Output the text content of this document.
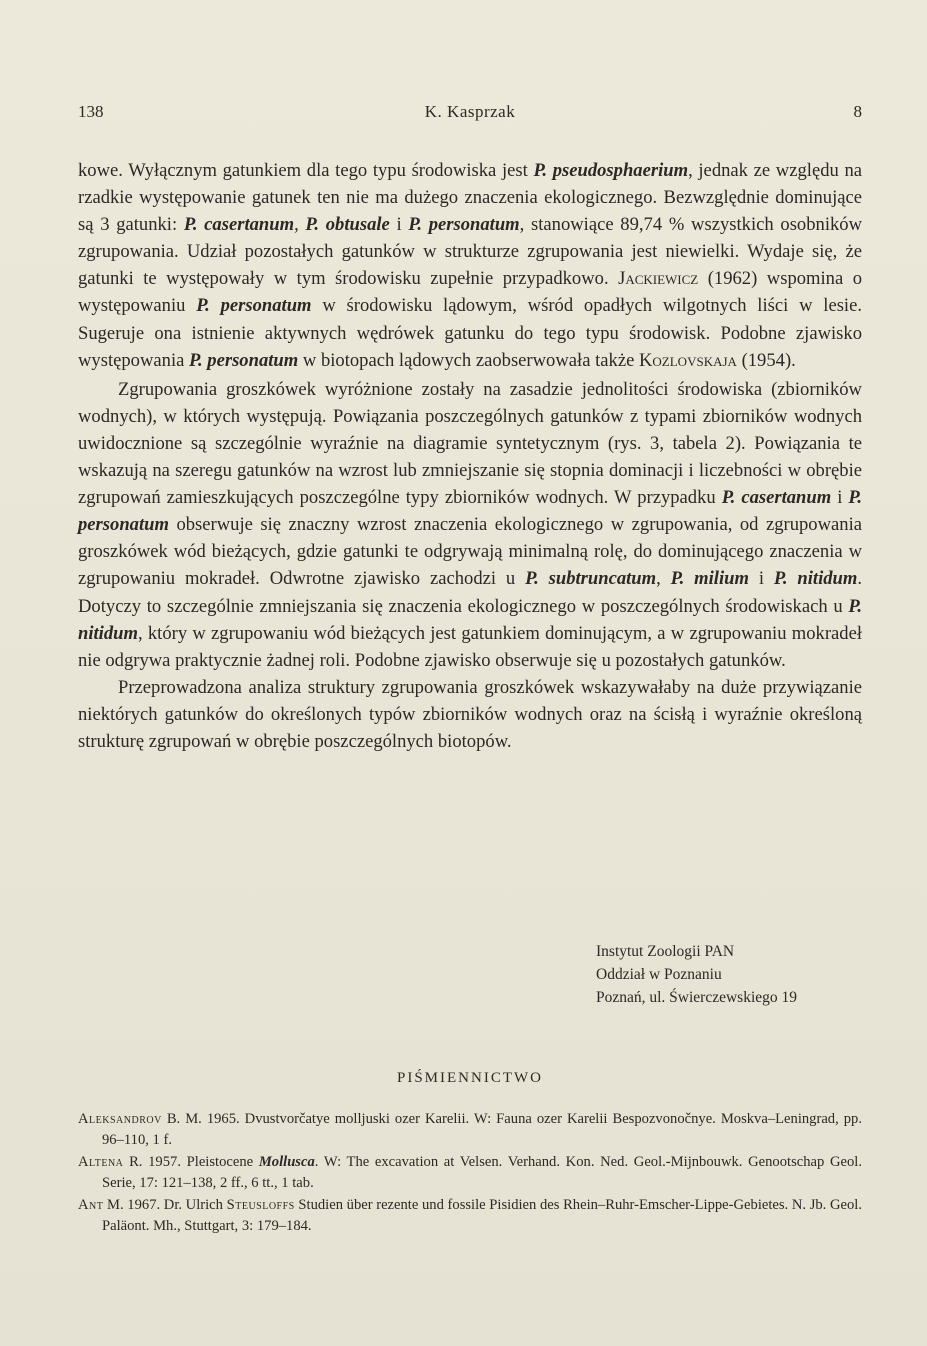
138	K. Kasprzak	8

kowe. Wyłącznym gatunkiem dla tego typu środowiska jest P. pseudosphaerium, jednak ze względu na rzadkie występowanie gatunek ten nie ma dużego znaczenia ekologicznego. Bezwzględnie dominujące są 3 gatunki: P. casertanum, P. obtusale i P. personatum, stanowiące 89,74 % wszystkich osobników zgrupowania. Udział pozostałych gatunków w strukturze zgrupowania jest niewielki. Wydaje się, że gatunki te występowały w tym środowisku zupełnie przypadkowo. Jackiewicz (1962) wspomina o występowaniu P. personatum w środowisku lądowym, wśród opadłych wilgotnych liści w lesie. Sugeruje ona istnienie aktywnych wędrówek gatunku do tego typu środowisk. Podobne zjawisko występowania P. personatum w biotopach lądowych zaobserwowała także Kozlovskaja (1954).

Zgrupowania groszkówek wyróżnione zostały na zasadzie jednolitości środowiska (zbiorników wodnych), w których występują. Powiązania poszczególnych gatunków z typami zbiorników wodnych uwidocznione są szczególnie wyraźnie na diagramie syntetycznym (rys. 3, tabela 2). Powiązania te wskazują na szeregu gatunków na wzrost lub zmniejszanie się stopnia dominacji i liczebności w obrębie zgrupowań zamieszkujących poszczególne typy zbiorników wodnych. W przypadku P. casertanum i P. personatum obserwuje się znaczny wzrost znaczenia ekologicznego w zgrupowania, od zgrupowania groszkówek wód bieżących, gdzie gatunki te odgrywają minimalną rolę, do dominującego znaczenia w zgrupowaniu mokradeł. Odwrotne zjawisko zachodzi u P. subtruncatum, P. milium i P. nitidum. Dotyczy to szczególnie zmniejszania się znaczenia ekologicznego w poszczególnych środowiskach u P. nitidum, który w zgrupowaniu wód bieżących jest gatunkiem dominującym, a w zgrupowaniu mokradeł nie odgrywa praktycznie żadnej roli. Podobne zjawisko obserwuje się u pozostałych gatunków.

Przeprowadzona analiza struktury zgrupowania groszkówek wskazywałaby na duże przywiązanie niektórych gatunków do określonych typów zbiorników wodnych oraz na ścisłą i wyraźnie określoną strukturę zgrupowań w obrębie poszczególnych biotopów.

Instytut Zoologii PAN
Oddział w Poznaniu
Poznań, ul. Świerczewskiego 19
PIŚMIENNICTWO
Aleksandrov B. M. 1965. Dvustvorčatye molljuski ozer Karelii. W: Fauna ozer Karelii Bespozvonočnye. Moskva–Leningrad, pp. 96–110, 1 f.
Altena R. 1957. Pleistocene Mollusca. W: The excavation at Velsen. Verhand. Kon. Ned. Geol.-Mijnbouwk. Genootschap Geol. Serie, 17: 121–138, 2 ff., 6 tt., 1 tab.
Ant M. 1967. Dr. Ulrich Steusloffs Studien über rezente und fossile Pisidien des Rhein–Ruhr-Emscher-Lippe-Gebietes. N. Jb. Geol. Paläont. Mh., Stuttgart, 3: 179–184.
